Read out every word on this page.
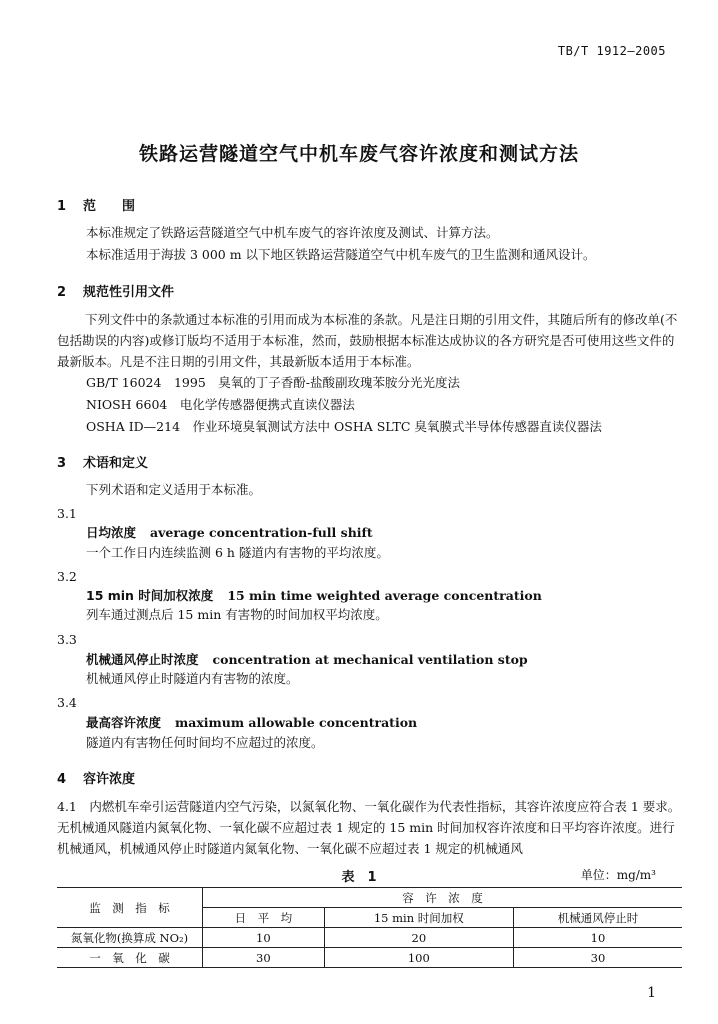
TB/T 1912—2005
铁路运营隧道空气中机车废气容许浓度和测试方法
1 范　　围
本标准规定了铁路运营隧道空气中机车废气的容许浓度及测试、计算方法。
本标准适用于海拔 3 000 m 以下地区铁路运营隧道空气中机车废气的卫生监测和通风设计。
2 规范性引用文件
下列文件中的条款通过本标准的引用而成为本标准的条款。凡是注日期的引用文件，其随后所有的修改单(不包括勘误的内容)或修订版均不适用于本标准，然而，鼓励根据本标准达成协议的各方研究是否可使用这些文件的最新版本。凡是不注日期的引用文件，其最新版本适用于本标准。
GB/T 16024　1995　臭氧的丁子香酚-盐酸副玫瑰苯胺分光光度法
NIOSH 6604　电化学传感器便携式直读仪器法
OSHA ID—214　作业环境臭氧测试方法中 OSHA SLTC 臭氧膜式半导体传感器直读仪器法
3 术语和定义
下列术语和定义适用于本标准。
3.1
日均浓度 average concentration-full shift
一个工作日内连续监测 6 h 隧道内有害物的平均浓度。
3.2
15 min 时间加权浓度 15 min time weighted average concentration
列车通过测点后 15 min 有害物的时间加权平均浓度。
3.3
机械通风停止时浓度 concentration at mechanical ventilation stop
机械通风停止时隧道内有害物的浓度。
3.4
最高容许浓度 maximum allowable concentration
隧道内有害物任何时间均不应超过的浓度。
4 容许浓度
4.1　 内燃机车牵引运营隧道内空气污染，以氮氧化物、一氧化碳作为代表性指标，其容许浓度应符合表 1 要求。无机械通风隧道内氮氧化物、一氧化碳不应超过表 1 规定的 15 min 时间加权容许浓度和日平均容许浓度。进行机械通风，机械通风停止时隧道内氮氧化物、一氧化碳不应超过表 1 规定的机械通风
表　1	单位：mg/m³
监　测　指　标	容　许　浓　度		
	日　平　均	15 min 时间加权	机械通风停止时
氮氧化物(换算成 NO₂)	10	20	10
一　氧　化　碳	30	100	30
1
